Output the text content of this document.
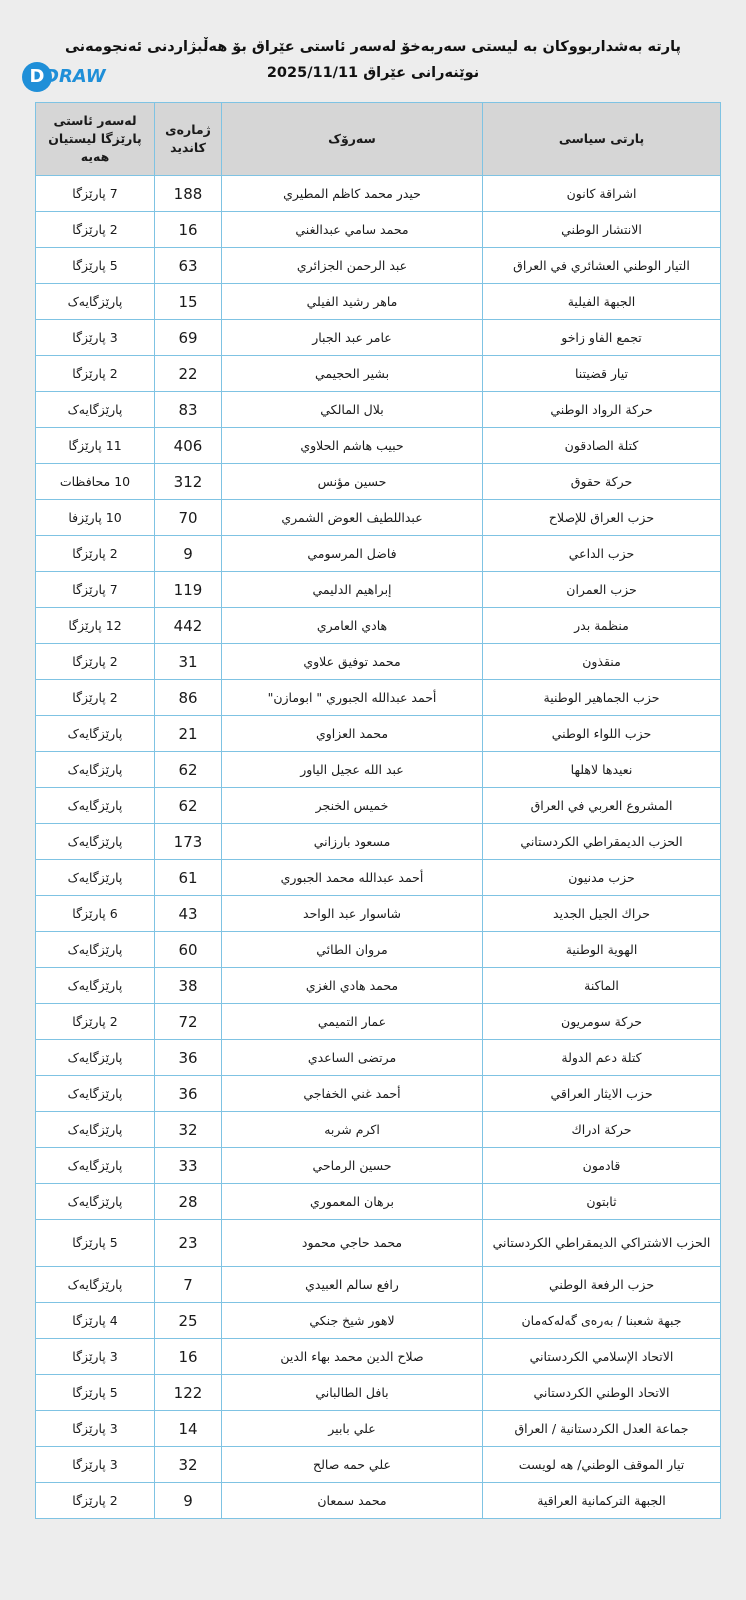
D DRAW
پارتە بەشداربووکان بە لیستی سەربەخۆ لەسەر ئاستی عێراق بۆ هەڵبژاردنی ئەنجومەنی
نوێنەرانی عێراق 2025/11/11
پارتی سیاسی	سەرۆک	ژمارەی کاندید	لەسەر ئاستی پارێزگا لیستیان هەیە
اشراقة كانون	حيدر محمد كاظم المطيري	188	7 پارێزگا
الانتشار الوطني	محمد سامي عبدالغني	16	2 پارێزگا
التيار الوطني العشائري في العراق	عبد الرحمن الجزائري	63	5 پارێزگا
الجبهة الفيلية	ماهر رشيد الفيلي	15	پارێزگایەک
تجمع الفاو زاخو	عامر عبد الجبار	69	3 پارێزگا
تيار قضيتنا	بشير الحجيمي	22	2 پارێزگا
حركة الرواد الوطني	بلال المالكي	83	پارێزگایەک
كتلة الصادقون	حبيب هاشم الحلاوي	406	11 پارێزگا
حركة حقوق	حسين مؤنس	312	10 محافظات
حزب العراق للإصلاح	عبداللطيف العوض الشمري	70	10 پارێزفا
حزب الداعي	فاضل المرسومي	9	2 پارێزگا
حزب العمران	إبراهيم الدليمي	119	7 پارێزگا
منظمة بدر	هادي العامري	442	12 پارێزگا
منقذون	محمد توفيق علاوي	31	2 پارێزگا
حزب الجماهير الوطنية	أحمد عبدالله الجبوري " ابومازن"	86	2 پارێزگا
حزب اللواء الوطني	محمد العزاوي	21	پارێزگایەک
نعيدها لاهلها	عبد الله عجيل الياور	62	پارێزگایەک
المشروع العربي في العراق	خميس الخنجر	62	پارێزگایەک
الحزب الديمقراطي الكردستاني	مسعود بارزاني	173	پارێزگایەک
حزب مدنيون	أحمد عبدالله محمد الجبوري	61	پارێزگایەک
حراك الجيل الجديد	شاسوار عبد الواحد	43	6 پارێزگا
الهوية الوطنية	مروان الطائي	60	پارێزگایەک
الماكنة	محمد هادي الغزي	38	پارێزگایەک
حركة سومريون	عمار التميمي	72	2 پارێزگا
كتلة دعم الدولة	مرتضى الساعدي	36	پارێزگایەک
حزب الايثار العراقي	أحمد غني الخفاجي	36	پارێزگایەک
حركة ادراك	اكرم شربه	32	پارێزگایەک
قادمون	حسين الرماحي	33	پارێزگایەک
ثابتون	برهان المعموري	28	پارێزگایەک
الحزب الاشتراكي الديمقراطي الكردستاني	محمد حاجي محمود	23	5 پارێزگا
حزب الرفعة الوطني	رافع سالم العبيدي	7	پارێزگایەک
جبهة شعبنا / بەرەی گەلەکەمان	لاهور شيخ جنكي	25	4 پارێزگا
الاتحاد الإسلامي الكردستاني	صلاح الدين محمد بهاء الدين	16	3 پارێزگا
الاتحاد الوطني الكردستاني	بافل الطالباني	122	5 پارێزگا
جماعة العدل الكردستانية / العراق	علي بابير	14	3 پارێزگا
تيار الموقف الوطني/ هه لويست	علي حمه صالح	32	3 پارێزگا
الجبهة التركمانية العراقية	محمد سمعان	9	2 پارێزگا
